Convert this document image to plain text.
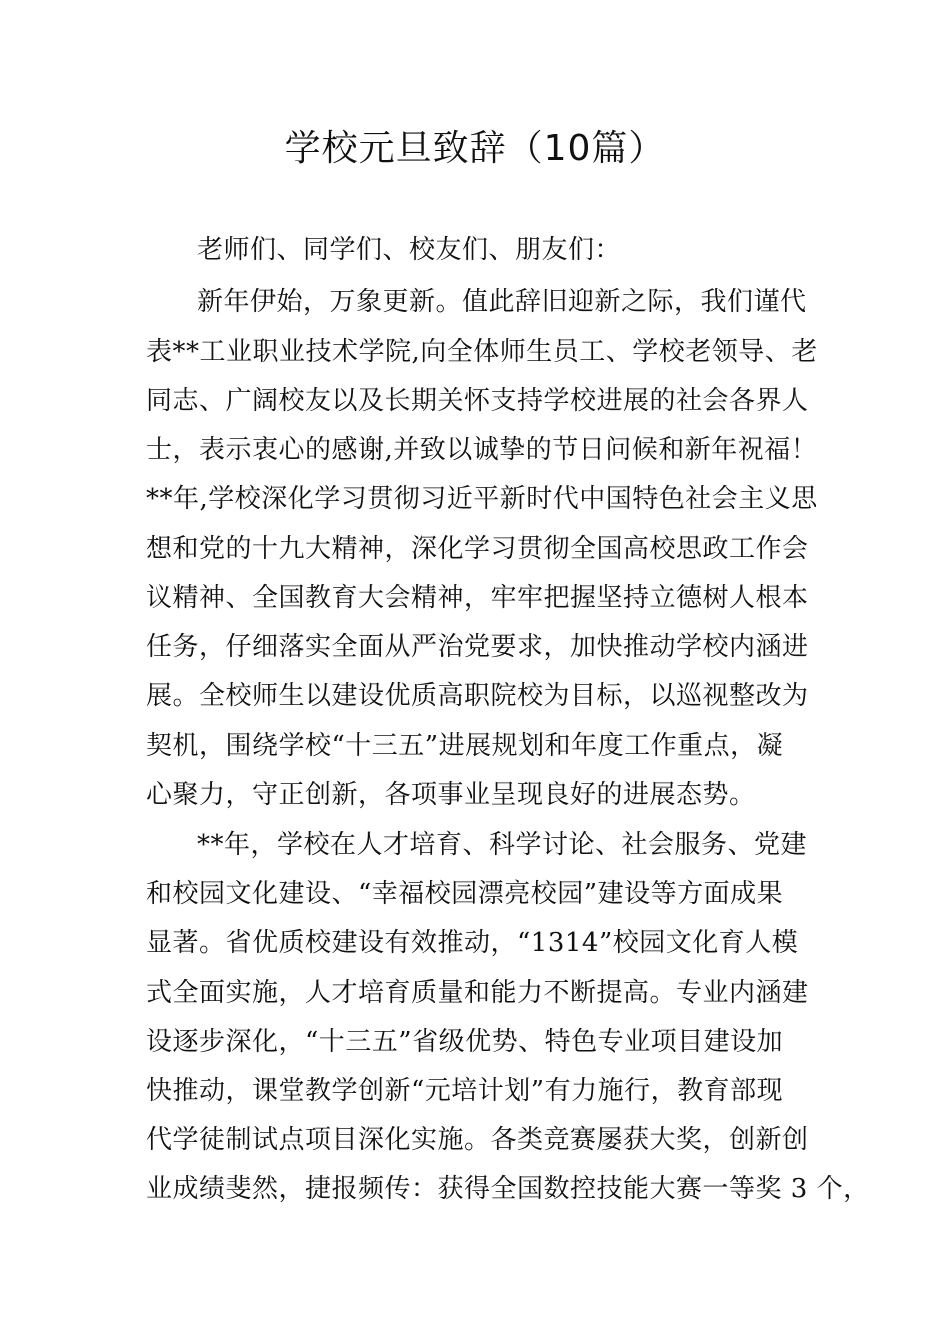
学校元旦致辞（10篇）
老师们、同学们、校友们、朋友们：
新年伊始，万象更新。值此辞旧迎新之际，我们谨代
表**工业职业技术学院,向全体师生员工、学校老领导、老
同志、广阔校友以及长期关怀支持学校进展的社会各界人
士，表示衷心的感谢,并致以诚挚的节日问候和新年祝福！
**年,学校深化学习贯彻习近平新时代中国特色社会主义思
想和党的十九大精神，深化学习贯彻全国高校思政工作会
议精神、全国教育大会精神，牢牢把握坚持立德树人根本
任务，仔细落实全面从严治党要求，加快推动学校内涵进
展。全校师生以建设优质高职院校为目标，以巡视整改为
契机，围绕学校“十三五”进展规划和年度工作重点，凝
心聚力，守正创新，各项事业呈现良好的进展态势。
**年，学校在人才培育、科学讨论、社会服务、党建
和校园文化建设、“幸福校园漂亮校园”建设等方面成果
显著。省优质校建设有效推动，“1314”校园文化育人模
式全面实施，人才培育质量和能力不断提高。专业内涵建
设逐步深化，“十三五”省级优势、特色专业项目建设加
快推动，课堂教学创新“元培计划”有力施行，教育部现
代学徒制试点项目深化实施。各类竞赛屡获大奖，创新创
业成绩斐然，捷报频传：获得全国数控技能大赛一等奖 3 个，
